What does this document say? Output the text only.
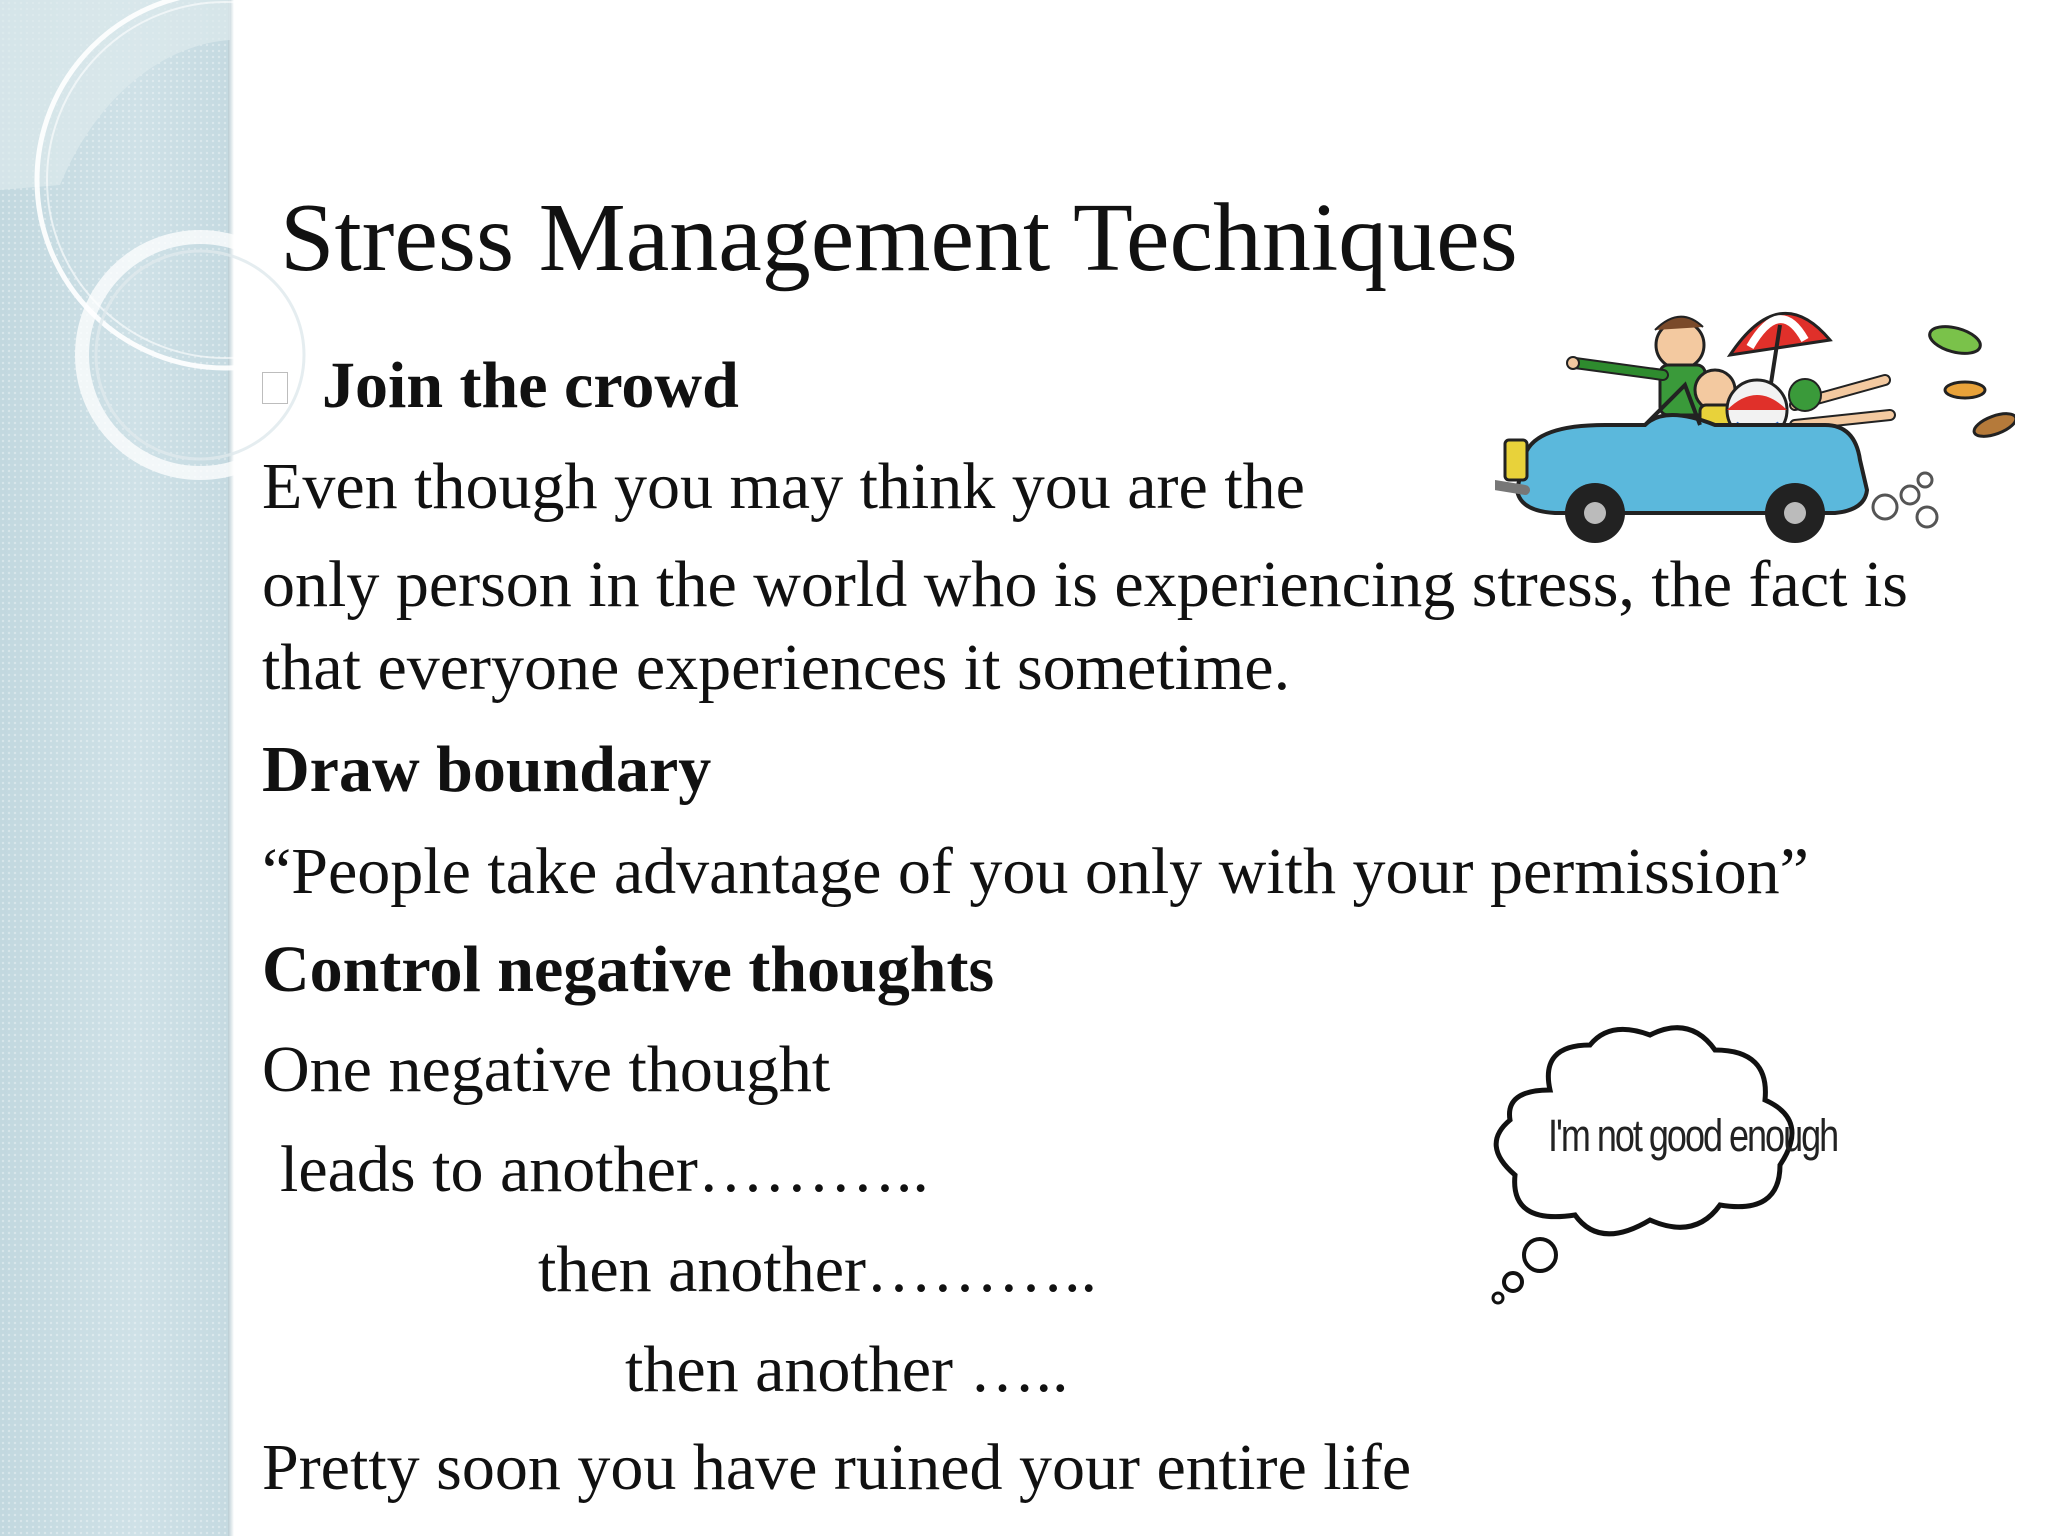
Stress Management Techniques
Join the crowd
Even though you may think you are the
only person in the world who is experiencing stress, the fact is
that everyone experiences it sometime.
Draw boundary
“People take advantage of you only with your permission”
Control negative thoughts
One negative thought
leads to another………..
then another………..
then another …..
Pretty soon you have ruined your entire life
I'm not good enough
